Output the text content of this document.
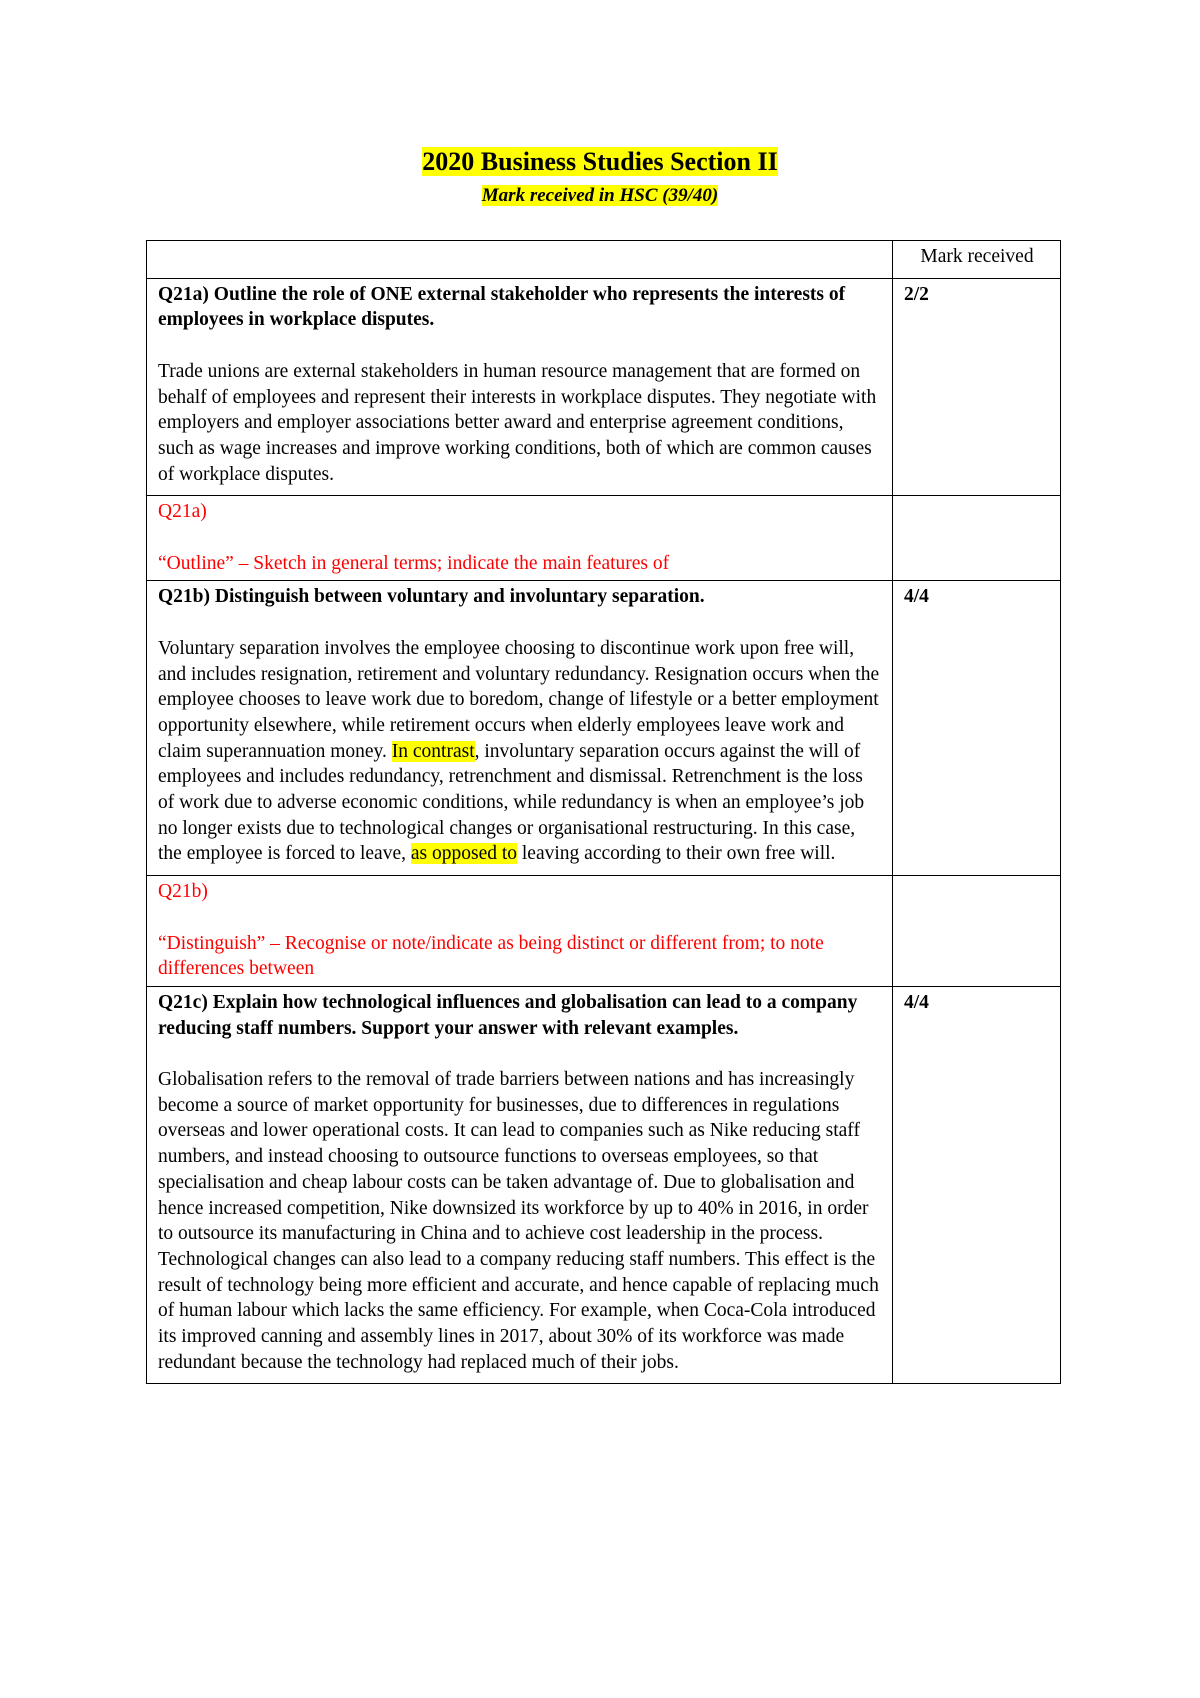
2020 Business Studies Section II
Mark received in HSC (39/40)
	Mark received

Q21a) Outline the role of ONE external stakeholder who represents the interests of employees in workplace disputes.

Trade unions are external stakeholders in human resource management that are formed on behalf of employees and represent their interests in workplace disputes. They negotiate with employers and employer associations better award and enterprise agreement conditions, such as wage increases and improve working conditions, both of which are common causes of workplace disputes.	2/2

Q21a)

“Outline” – Sketch in general terms; indicate the main features of	

Q21b) Distinguish between voluntary and involuntary separation.

Voluntary separation involves the employee choosing to discontinue work upon free will, and includes resignation, retirement and voluntary redundancy. Resignation occurs when the employee chooses to leave work due to boredom, change of lifestyle or a better employment opportunity elsewhere, while retirement occurs when elderly employees leave work and claim superannuation money. In contrast, involuntary separation occurs against the will of employees and includes redundancy, retrenchment and dismissal. Retrenchment is the loss of work due to adverse economic conditions, while redundancy is when an employee’s job no longer exists due to technological changes or organisational restructuring. In this case, the employee is forced to leave, as opposed to leaving according to their own free will.	4/4

Q21b)

“Distinguish” – Recognise or note/indicate as being distinct or different from; to note differences between	

Q21c) Explain how technological influences and globalisation can lead to a company reducing staff numbers. Support your answer with relevant examples.

Globalisation refers to the removal of trade barriers between nations and has increasingly become a source of market opportunity for businesses, due to differences in regulations overseas and lower operational costs. It can lead to companies such as Nike reducing staff numbers, and instead choosing to outsource functions to overseas employees, so that specialisation and cheap labour costs can be taken advantage of. Due to globalisation and hence increased competition, Nike downsized its workforce by up to 40% in 2016, in order to outsource its manufacturing in China and to achieve cost leadership in the process. Technological changes can also lead to a company reducing staff numbers. This effect is the result of technology being more efficient and accurate, and hence capable of replacing much of human labour which lacks the same efficiency. For example, when Coca-Cola introduced its improved canning and assembly lines in 2017, about 30% of its workforce was made redundant because the technology had replaced much of their jobs.	4/4
